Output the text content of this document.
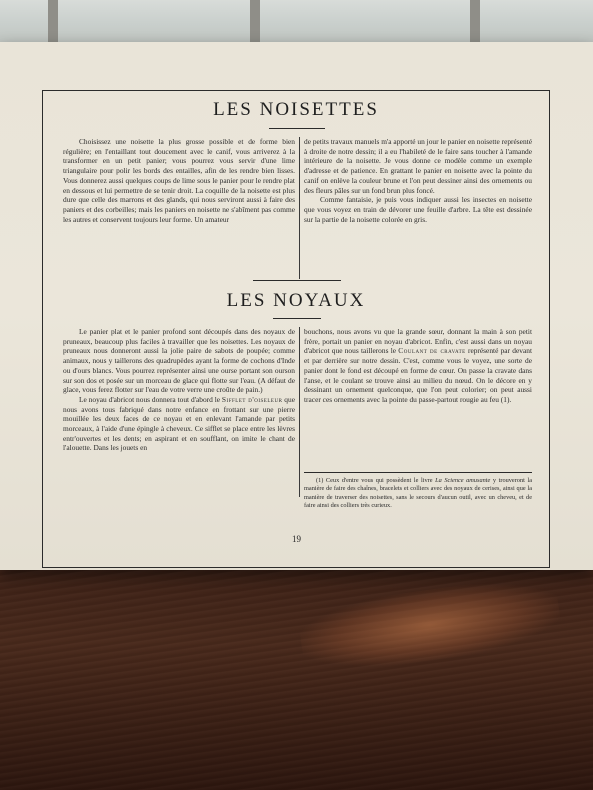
LES NOISETTES

Choisissez une noisette la plus grosse possible et de forme bien régulière; en l'entaillant tout doucement avec le canif, vous arriverez à la transformer en un petit panier; vous pourrez vous servir d'une lime triangulaire pour polir les bords des entailles, afin de les rendre bien lisses. Vous donnerez aussi quelques coups de lime sous le panier pour le rendre plat en dessous et lui permettre de se tenir droit. La coquille de la noisette est plus dure que celle des marrons et des glands, qui nous serviront aussi à faire des paniers et des corbeilles; mais les paniers en noisette ne s'abîment pas comme les autres et conservent toujours leur forme. Un amateur

de petits travaux manuels m'a apporté un jour le panier en noisette représenté à droite de notre dessin; il a eu l'habileté de le faire sans toucher à l'amande intérieure de la noisette. Je vous donne ce modèle comme un exemple d'adresse et de patience. En grattant le panier en noisette avec la pointe du canif on enlève la couleur brune et l'on peut dessiner ainsi des ornements ou des fleurs pâles sur un fond brun plus foncé.

Comme fantaisie, je puis vous indiquer aussi les insectes en noisette que vous voyez en train de dévorer une feuille d'arbre. La tête est dessinée sur la partie de la noisette colorée en gris.

LES NOYAUX

Le panier plat et le panier profond sont découpés dans des noyaux de pruneaux, beaucoup plus faciles à travailler que les noisettes. Les noyaux de pruneaux nous donneront aussi la jolie paire de sabots de poupée; comme animaux, nous y taillerons des quadrupèdes ayant la forme de cochons d'Inde ou d'ours blancs. Vous pourrez représenter ainsi une ourse portant son ourson sur son dos et posée sur un morceau de glace qui flotte sur l'eau. (A défaut de glace, vous ferez flotter sur l'eau de votre verre une croûte de pain.)

Le noyau d'abricot nous donnera tout d'abord le Sifflet d'oiseleur que nous avons tous fabriqué dans notre enfance en frottant sur une pierre mouillée les deux faces de ce noyau et en enlevant l'amande par petits morceaux, à l'aide d'une épingle à cheveux. Ce sifflet se place entre les lèvres entr'ouvertes et les dents; en aspirant et en soufflant, on imite le chant de l'alouette. Dans les jouets en

bouchons, nous avons vu que la grande sœur, donnant la main à son petit frère, portait un panier en noyau d'abricot. Enfin, c'est aussi dans un noyau d'abricot que nous taillerons le Coulant de cravate représenté par devant et par derrière sur notre dessin. C'est, comme vous le voyez, une sorte de panier dont le fond est découpé en forme de cœur. On passe la cravate dans l'anse, et le coulant se trouve ainsi au milieu du nœud. On le décore en y dessinant un ornement quelconque, que l'on peut colorier; on peut aussi tracer ces ornements avec la pointe du passe-partout rougie au feu (1).

(1) Ceux d'entre vous qui possèdent le livre La Science amusante y trouveront la manière de faire des chaînes, bracelets et colliers avec des noyaux de cerises, ainsi que la manière de traverser des noisettes, sans le secours d'aucun outil, avec un cheveu, et de faire ainsi des colliers très curieux.

19
